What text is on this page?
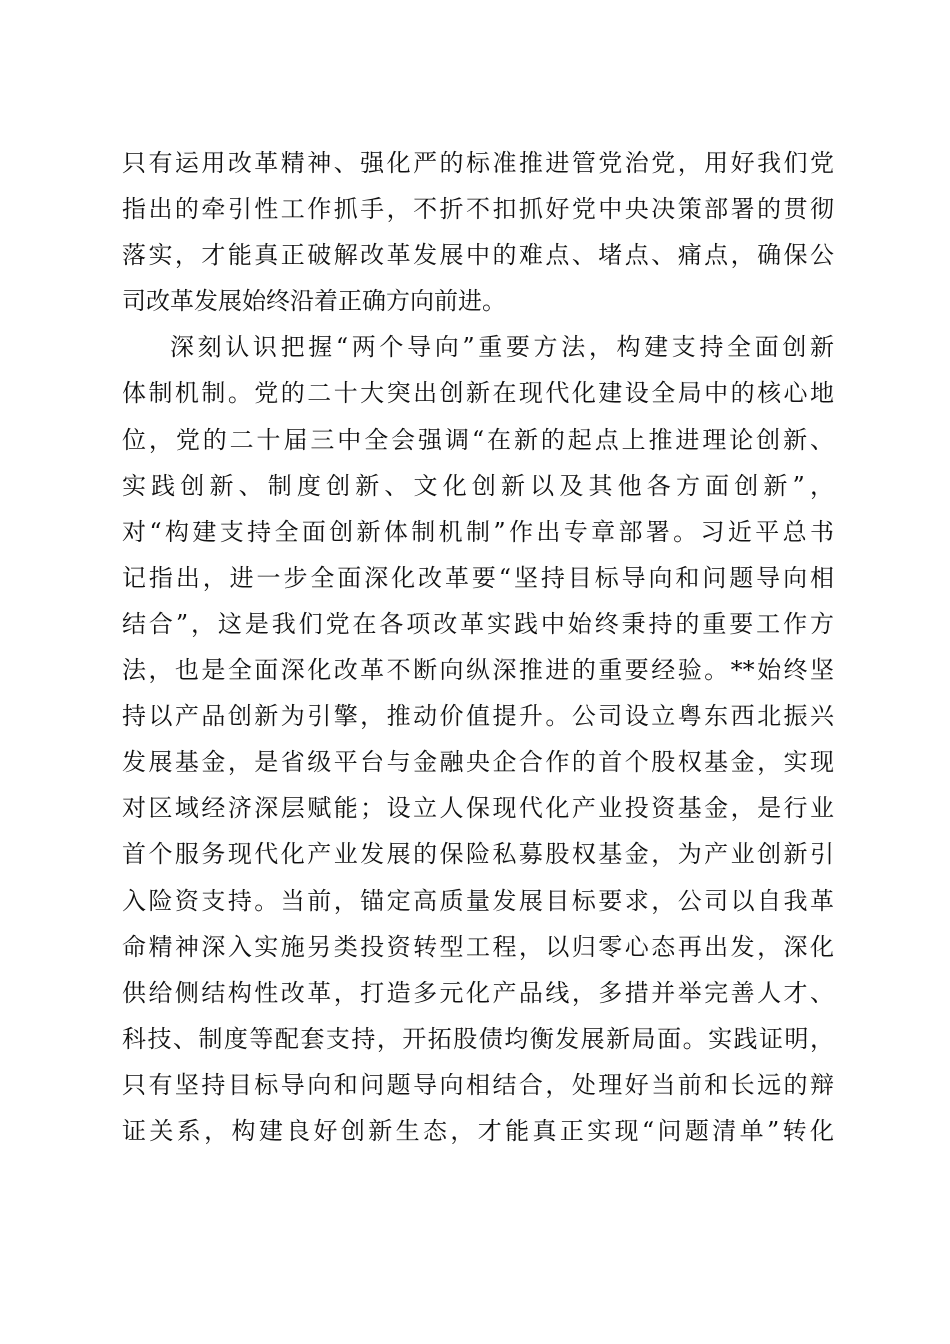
只有运用改革精神、强化严的标准推进管党治党，用好我们党
指出的牵引性工作抓手，不折不扣抓好党中央决策部署的贯彻
落实，才能真正破解改革发展中的难点、堵点、痛点，确保公
司改革发展始终沿着正确方向前进。
深刻认识把握“两个导向”重要方法，构建支持全面创新
体制机制。党的二十大突出创新在现代化建设全局中的核心地
位，党的二十届三中全会强调“在新的起点上推进理论创新、
实践创新、制度创新、文化创新以及其他各方面创新”，
对“构建支持全面创新体制机制”作出专章部署。习近平总书
记指出，进一步全面深化改革要“坚持目标导向和问题导向相
结合”，这是我们党在各项改革实践中始终秉持的重要工作方
法，也是全面深化改革不断向纵深推进的重要经验。**始终坚
持以产品创新为引擎，推动价值提升。公司设立粤东西北振兴
发展基金，是省级平台与金融央企合作的首个股权基金，实现
对区域经济深层赋能；设立人保现代化产业投资基金，是行业
首个服务现代化产业发展的保险私募股权基金，为产业创新引
入险资支持。当前，锚定高质量发展目标要求，公司以自我革
命精神深入实施另类投资转型工程，以归零心态再出发，深化
供给侧结构性改革，打造多元化产品线，多措并举完善人才、
科技、制度等配套支持，开拓股债均衡发展新局面。实践证明，
只有坚持目标导向和问题导向相结合，处理好当前和长远的辩
证关系，构建良好创新生态，才能真正实现“问题清单”转化
